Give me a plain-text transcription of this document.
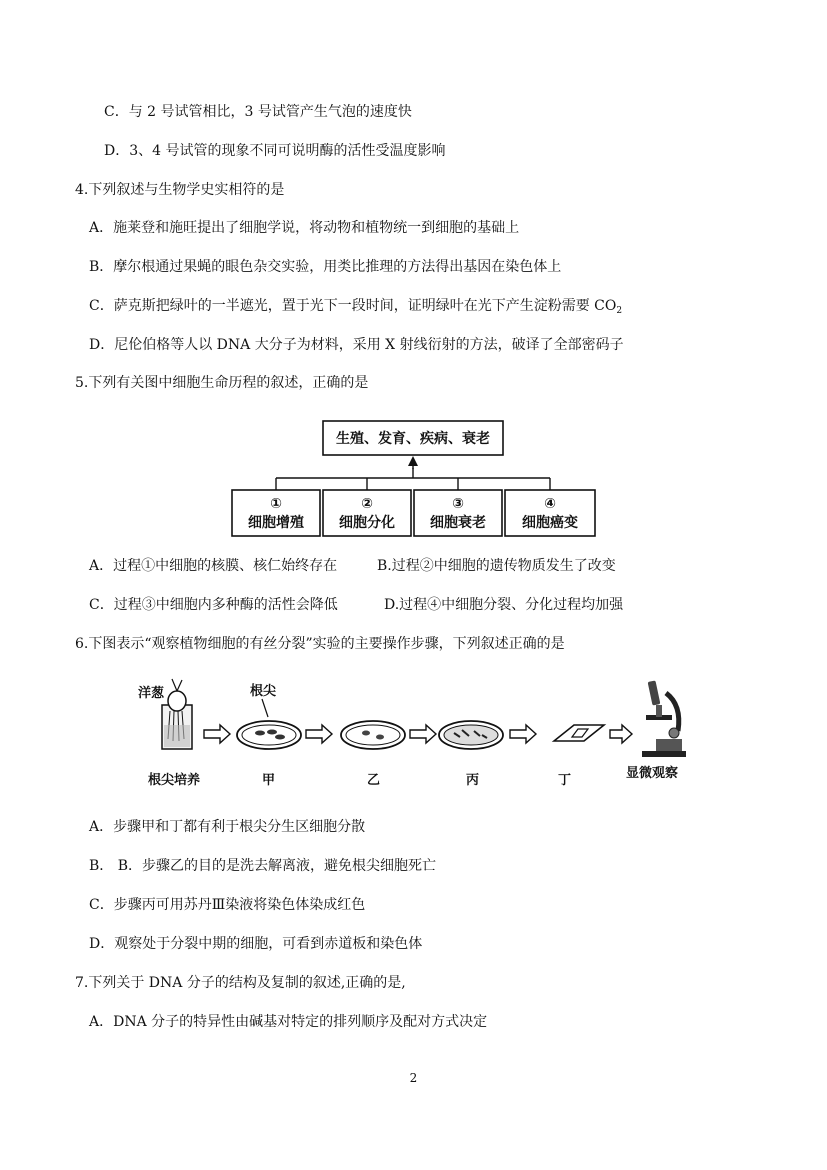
C．与 2 号试管相比，3 号试管产生气泡的速度快
D．3、4 号试管的现象不同可说明酶的活性受温度影响
4.下列叙述与生物学史实相符的是
A．施莱登和施旺提出了细胞学说，将动物和植物统一到细胞的基础上
B．摩尔根通过果蝇的眼色杂交实验，用类比推理的方法得出基因在染色体上
C．萨克斯把绿叶的一半遮光，置于光下一段时间，证明绿叶在光下产生淀粉需要 $CO_2$
D．尼伦伯格等人以 DNA 大分子为材料，采用 X 射线衍射的方法，破译了全部密码子
5.下列有关图中细胞生命历程的叙述，正确的是
生殖、发育、疾病、衰老
①
细胞增殖
②
细胞分化
③
细胞衰老
④
细胞癌变
A．过程①中细胞的核膜、核仁始终存在	B.过程②中细胞的遗传物质发生了改变
C．过程③中细胞内多种酶的活性会降低	D.过程④中细胞分裂、分化过程均加强
6.下图表示“观察植物细胞的有丝分裂”实验的主要操作步骤，下列叙述正确的是
洋葱	根尖
根尖培养	甲	乙	丙	丁	显微观察
A．步骤甲和丁都有利于根尖分生区细胞分散
B． B．步骤乙的目的是洗去解离液，避免根尖细胞死亡
C．步骤丙可用苏丹Ⅲ染液将染色体染成红色
D．观察处于分裂中期的细胞，可看到赤道板和染色体
7.下列关于 DNA 分子的结构及复制的叙述,正确的是,
A．DNA 分子的特异性由碱基对特定的排列顺序及配对方式决定
2
